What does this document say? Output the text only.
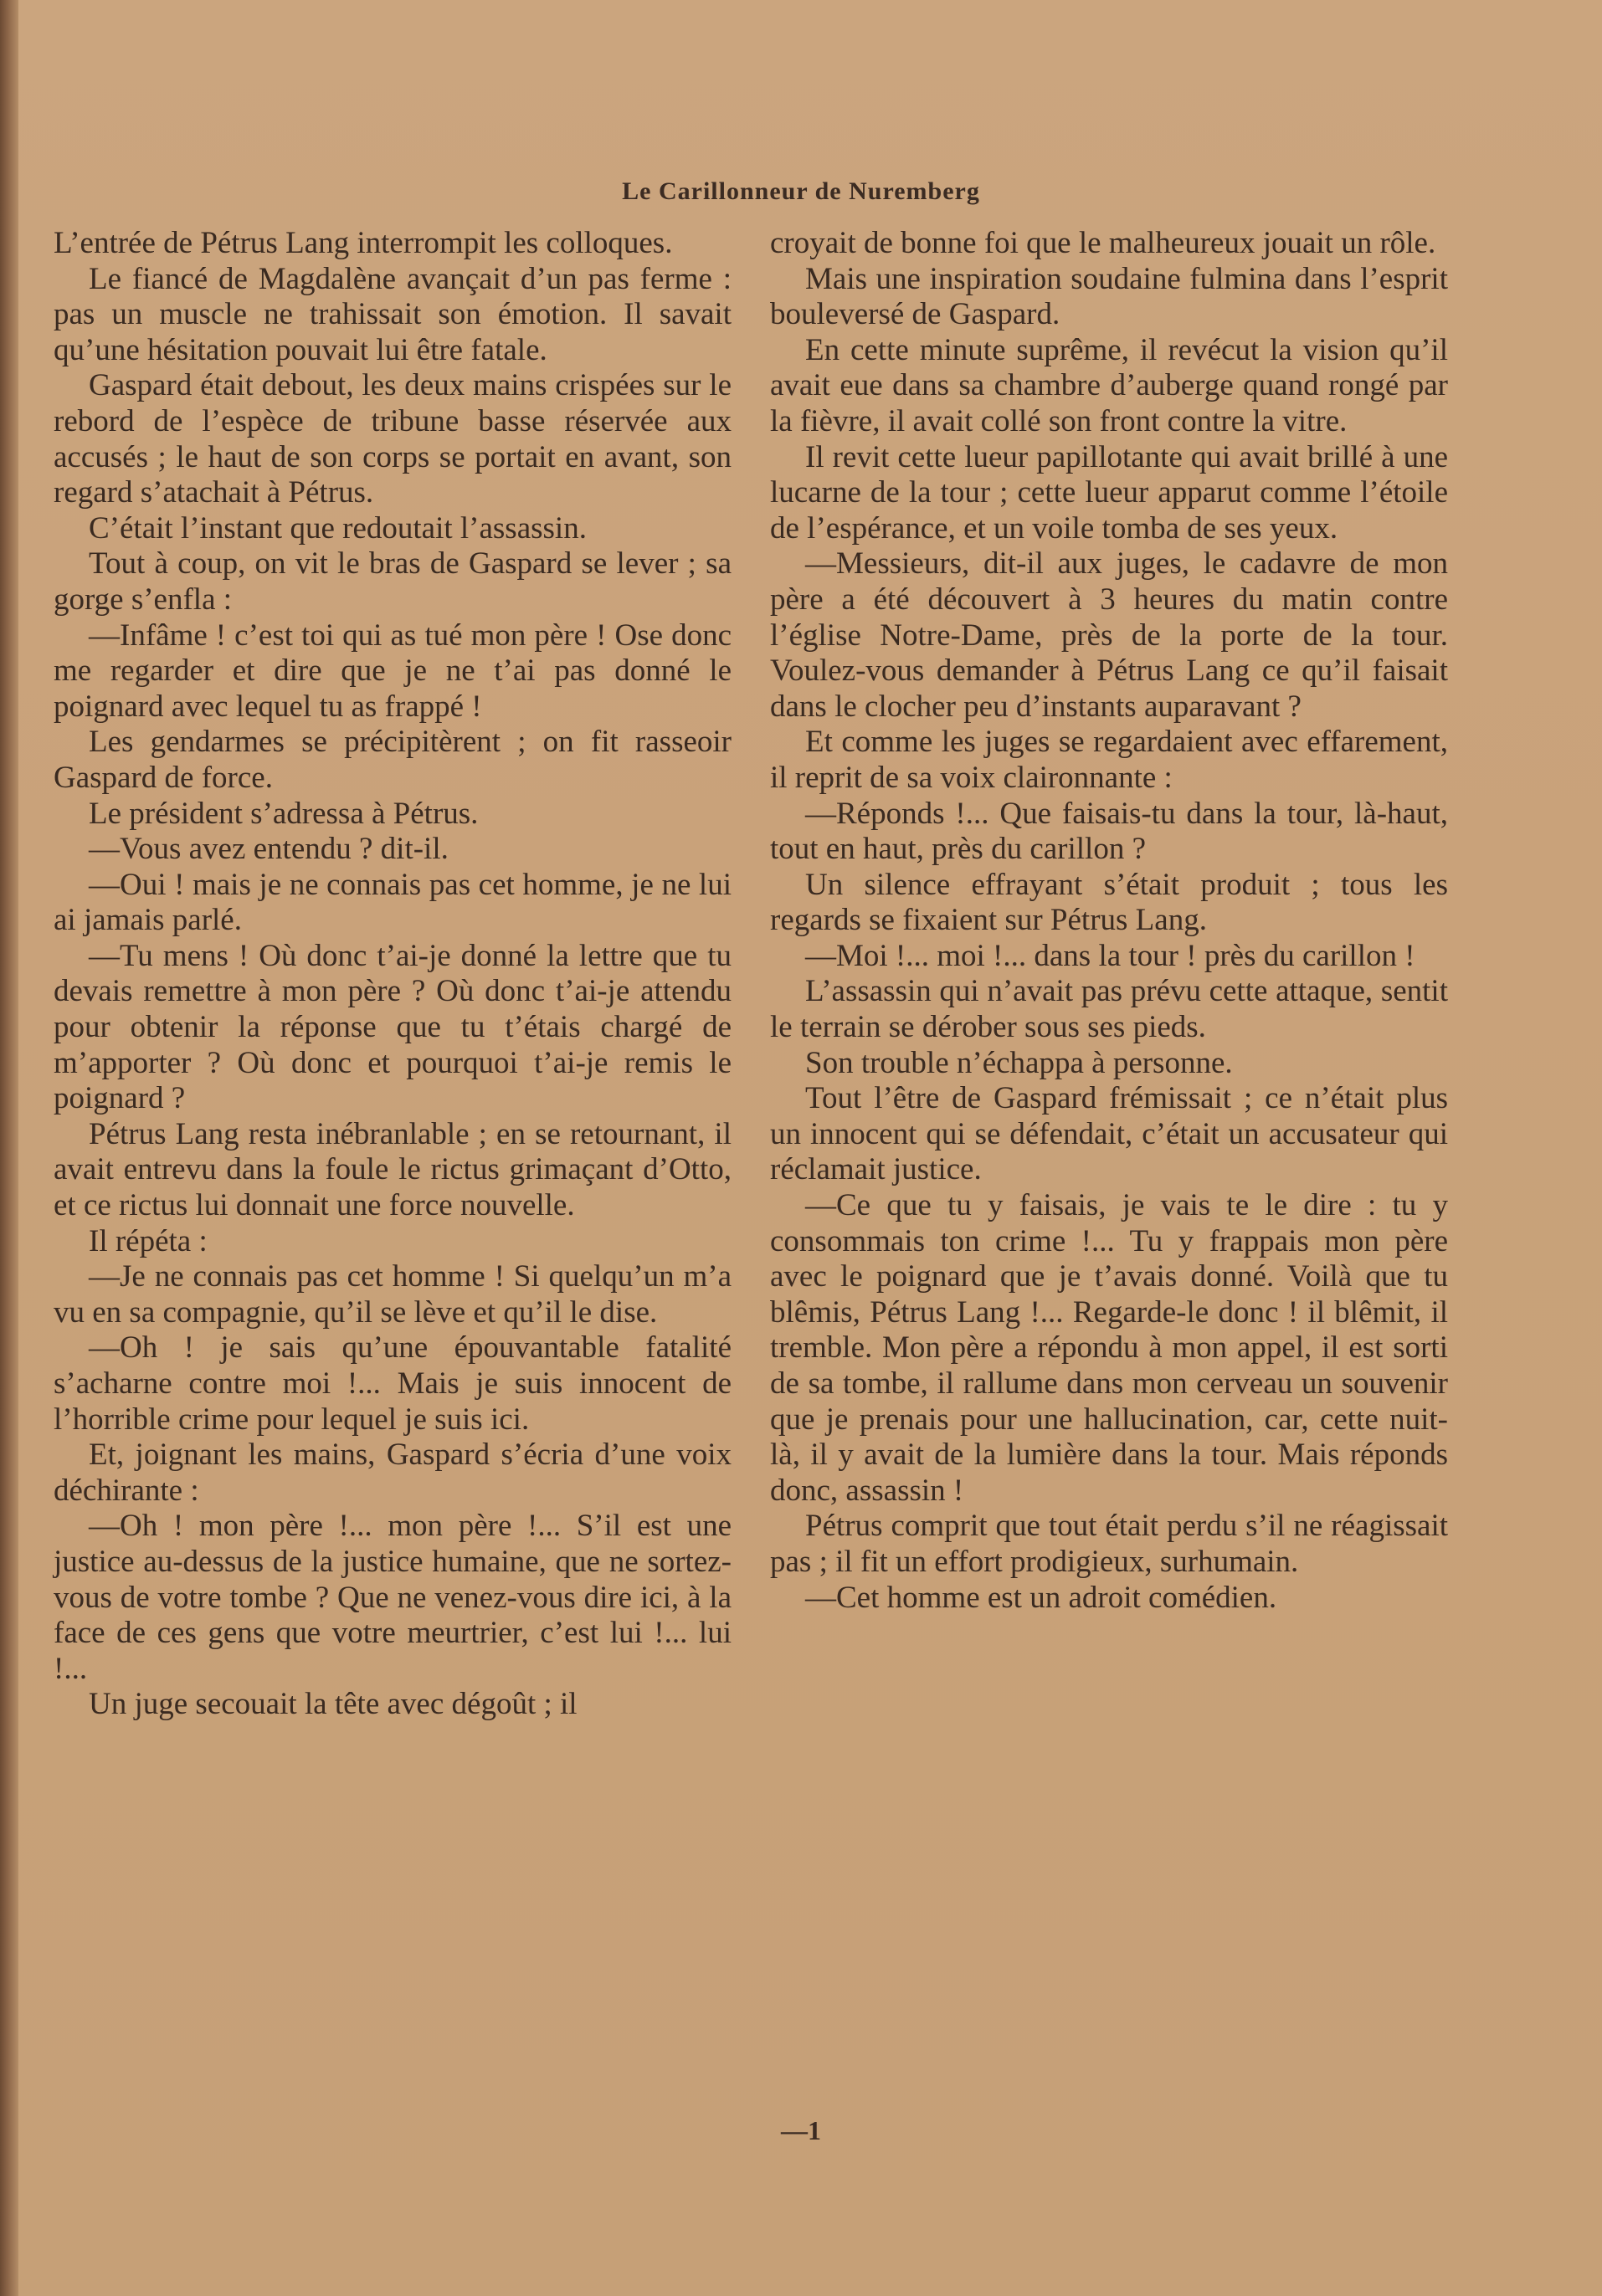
Le Carillonneur de Nuremberg

L’entrée de Pétrus Lang interrompit les colloques.

Le fiancé de Magdalène avançait d’un pas ferme : pas un muscle ne trahissait son émotion. Il savait qu’une hésitation pouvait lui être fatale.

Gaspard était debout, les deux mains crispées sur le rebord de l’espèce de tribune basse réservée aux accusés ; le haut de son corps se portait en avant, son regard s’atachait à Pétrus.

C’était l’instant que redoutait l’assassin.

Tout à coup, on vit le bras de Gaspard se lever ; sa gorge s’enfla :

—Infâme ! c’est toi qui as tué mon père ! Ose donc me regarder et dire que je ne t’ai pas donné le poignard avec lequel tu as frappé !

Les gendarmes se précipitèrent ; on fit rasseoir Gaspard de force.

Le président s’adressa à Pétrus.

—Vous avez entendu ? dit-il.

—Oui ! mais je ne connais pas cet homme, je ne lui ai jamais parlé.

—Tu mens ! Où donc t’ai-je donné la lettre que tu devais remettre à mon père ? Où donc t’ai-je attendu pour obtenir la réponse que tu t’étais chargé de m’apporter ? Où donc et pourquoi t’ai-je remis le poignard ?

Pétrus Lang resta inébranlable ; en se retournant, il avait entrevu dans la foule le rictus grimaçant d’Otto, et ce rictus lui donnait une force nouvelle.

Il répéta :

—Je ne connais pas cet homme ! Si quelqu’un m’a vu en sa compagnie, qu’il se lève et qu’il le dise.

—Oh ! je sais qu’une épouvantable fatalité s’acharne contre moi !... Mais je suis innocent de l’horrible crime pour lequel je suis ici.

Et, joignant les mains, Gaspard s’écria d’une voix déchirante :

—Oh ! mon père !... mon père !... S’il est une justice au-dessus de la justice humaine, que ne sortez-vous de votre tombe ? Que ne venez-vous dire ici, à la face de ces gens que votre meurtrier, c’est lui !... lui !...

Un juge secouait la tête avec dégoût ; il

croyait de bonne foi que le malheureux jouait un rôle.

Mais une inspiration soudaine fulmina dans l’esprit bouleversé de Gaspard.

En cette minute suprême, il revécut la vision qu’il avait eue dans sa chambre d’auberge quand rongé par la fièvre, il avait collé son front contre la vitre.

Il revit cette lueur papillotante qui avait brillé à une lucarne de la tour ; cette lueur apparut comme l’étoile de l’espérance, et un voile tomba de ses yeux.

—Messieurs, dit-il aux juges, le cadavre de mon père a été découvert à 3 heures du matin contre l’église Notre-Dame, près de la porte de la tour. Voulez-vous demander à Pétrus Lang ce qu’il faisait dans le clocher peu d’instants auparavant ?

Et comme les juges se regardaient avec effarement, il reprit de sa voix claironnante :

—Réponds !... Que faisais-tu dans la tour, là-haut, tout en haut, près du carillon ?

Un silence effrayant s’était produit ; tous les regards se fixaient sur Pétrus Lang.

—Moi !... moi !... dans la tour ! près du carillon !

L’assassin qui n’avait pas prévu cette attaque, sentit le terrain se dérober sous ses pieds.

Son trouble n’échappa à personne.

Tout l’être de Gaspard frémissait ; ce n’était plus un innocent qui se défendait, c’était un accusateur qui réclamait justice.

—Ce que tu y faisais, je vais te le dire : tu y consommais ton crime !... Tu y frappais mon père avec le poignard que je t’avais donné. Voilà que tu blêmis, Pétrus Lang !... Regarde-le donc ! il blêmit, il tremble. Mon père a répondu à mon appel, il est sorti de sa tombe, il rallume dans mon cerveau un souvenir que je prenais pour une hallucination, car, cette nuit-là, il y avait de la lumière dans la tour. Mais réponds donc, assassin !

Pétrus comprit que tout était perdu s’il ne réagissait pas ; il fit un effort prodigieux, surhumain.

—Cet homme est un adroit comédien.

—1
